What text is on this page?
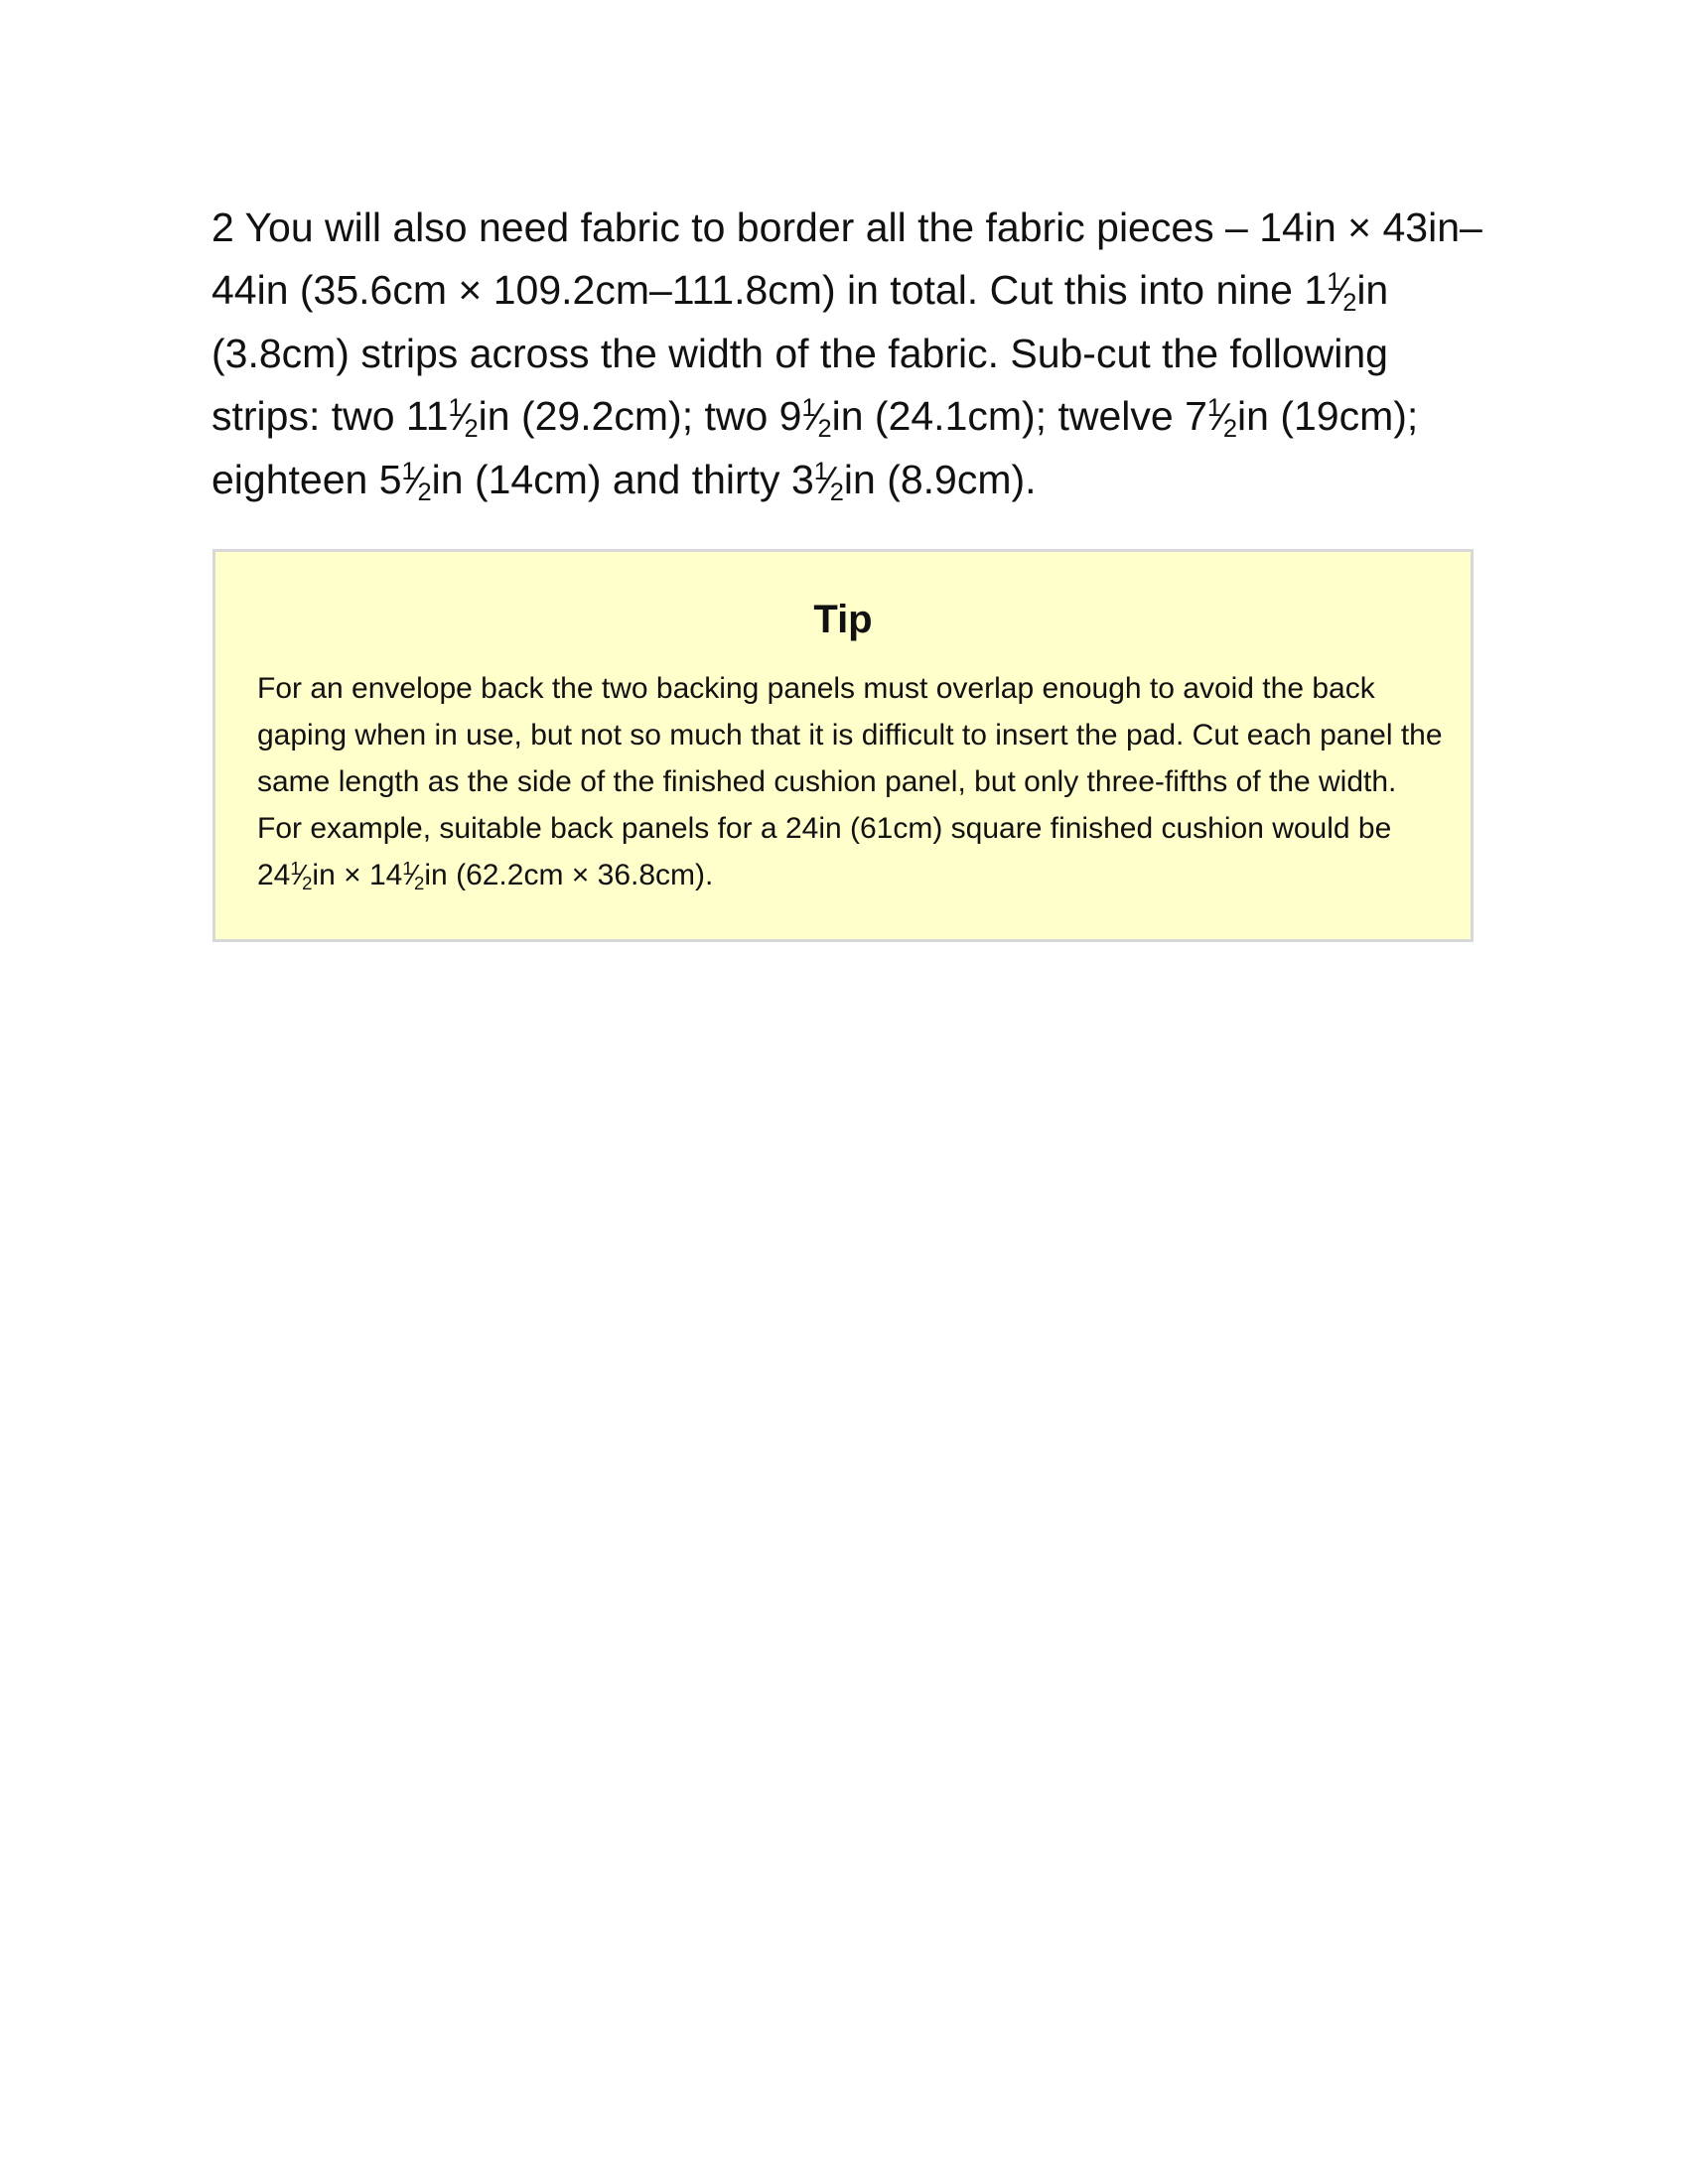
2 You will also need fabric to border all the fabric pieces – 14in × 43in–44in (35.6cm × 109.2cm–111.8cm) in total. Cut this into nine $1^1⁄2in$ (3.8cm) strips across the width of the fabric. Sub-cut the following strips: two $11^1⁄2in$ (29.2cm); two $9^1⁄2in$ (24.1cm); twelve $7^1⁄2in$ (19cm); eighteen $5^1⁄2in$ (14cm) and thirty $3^1⁄2in$ (8.9cm).

Tip

For an envelope back the two backing panels must overlap enough to avoid the back gaping when in use, but not so much that it is difficult to insert the pad. Cut each panel the same length as the side of the finished cushion panel, but only three-fifths of the width. For example, suitable back panels for a 24in (61cm) square finished cushion would be $24^1⁄2in$ × $14^1⁄2in$ (62.2cm × 36.8cm).
